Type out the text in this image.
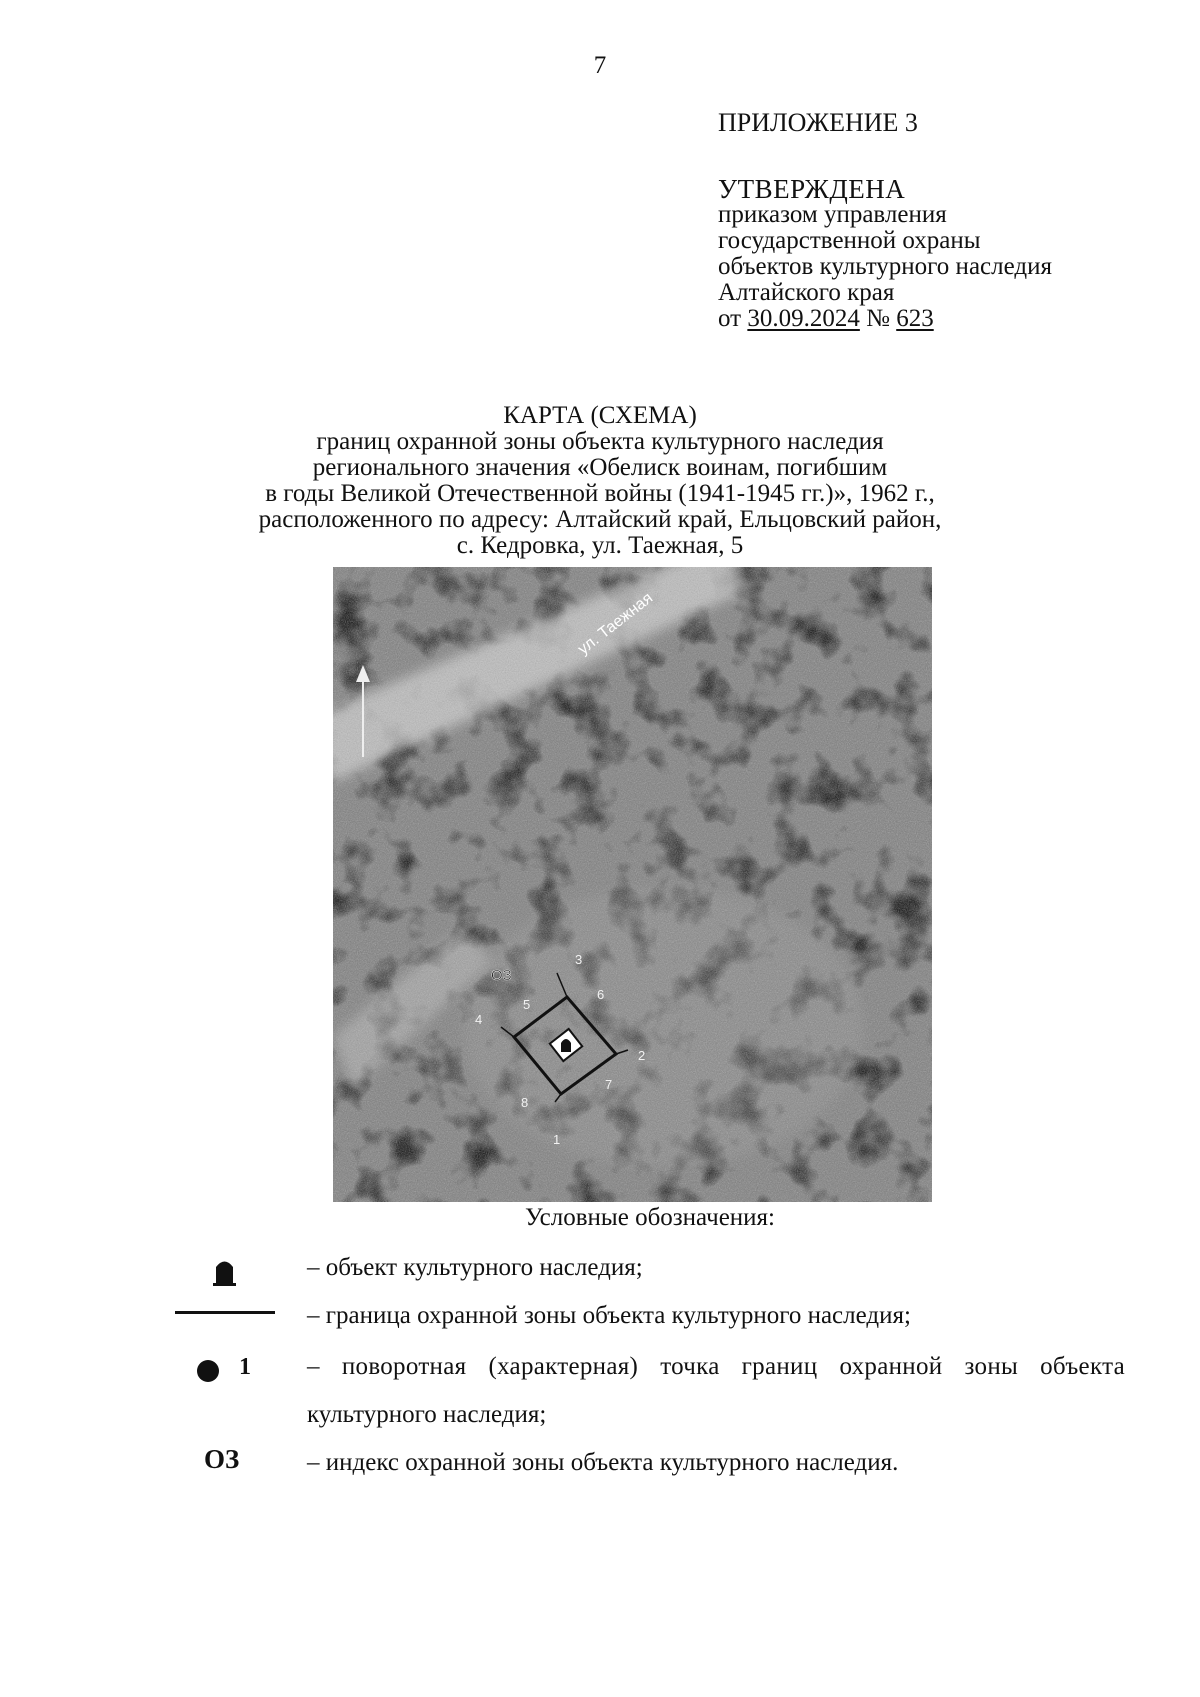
7
ПРИЛОЖЕНИЕ 3
УТВЕРЖДЕНА
приказом управления
государственной охраны
объектов культурного наследия
Алтайского края
от 30.09.2024 № 623
КАРТА (СХЕМА)
границ охранной зоны объекта культурного наследия
регионального значения «Обелиск воинам, погибшим
в годы Великой Отечественной войны (1941-1945 гг.)», 1962 г.,
расположенного по адресу: Алтайский край, Ельцовский район,
с. Кедровка, ул. Таежная, 5
ул. Таежная
ОЗ
1
2
3
4
5
6
7
8
Условные обозначения:
– объект культурного наследия;
– граница охранной зоны объекта культурного наследия;
1 – поворотная (характерная) точка границ охранной зоны объекта
культурного наследия;
ОЗ	– индекс охранной зоны объекта культурного наследия.
